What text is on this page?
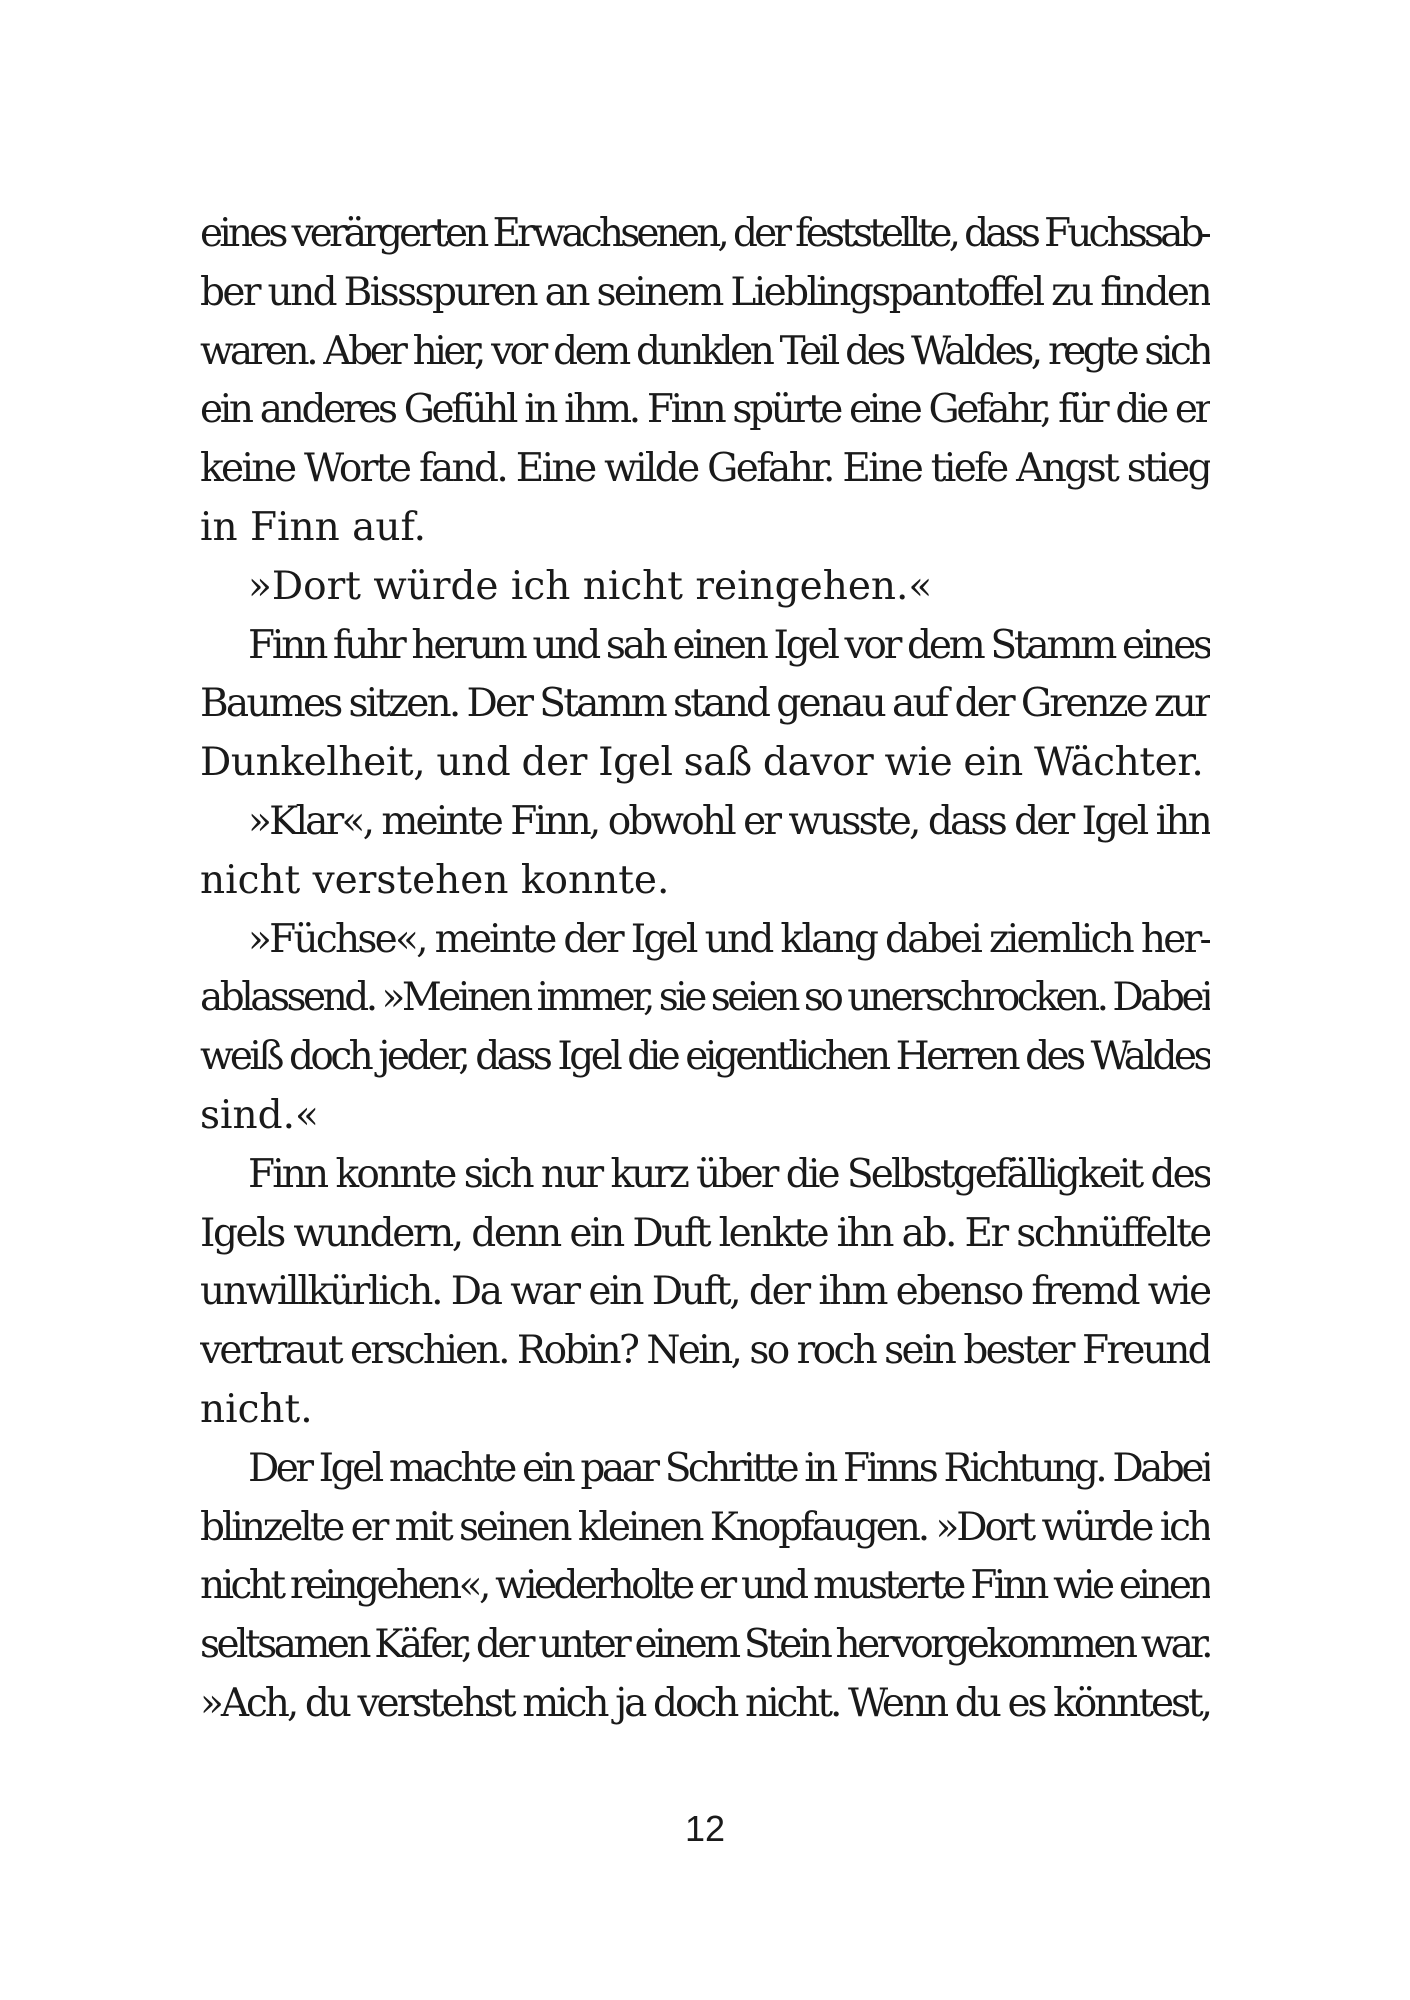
eines verärgerten Erwachsenen, der feststellte, dass Fuchssab-
ber und Bissspuren an seinem Lieblingspantoffel zu finden
waren. Aber hier, vor dem dunklen Teil des Waldes, regte sich
ein anderes Gefühl in ihm. Finn spürte eine Gefahr, für die er
keine Worte fand. Eine wilde Gefahr. Eine tiefe Angst stieg
in Finn auf.
»Dort würde ich nicht reingehen.«
Finn fuhr herum und sah einen Igel vor dem Stamm eines
Baumes sitzen. Der Stamm stand genau auf der Grenze zur
Dunkelheit, und der Igel saß davor wie ein Wächter.
»Klar«, meinte Finn, obwohl er wusste, dass der Igel ihn
nicht verstehen konnte.
»Füchse«, meinte der Igel und klang dabei ziemlich her-
ablassend. »Meinen immer, sie seien so unerschrocken. Dabei
weiß doch jeder, dass Igel die eigentlichen Herren des Waldes
sind.«
Finn konnte sich nur kurz über die Selbstgefälligkeit des
Igels wundern, denn ein Duft lenkte ihn ab. Er schnüffelte
unwillkürlich. Da war ein Duft, der ihm ebenso fremd wie
vertraut erschien. Robin? Nein, so roch sein bester Freund
nicht.
Der Igel machte ein paar Schritte in Finns Richtung. Dabei
blinzelte er mit seinen kleinen Knopfaugen. »Dort würde ich
nicht reingehen«, wiederholte er und musterte Finn wie einen
seltsamen Käfer, der unter einem Stein hervorgekommen war.
»Ach, du verstehst mich ja doch nicht. Wenn du es könntest,
12
